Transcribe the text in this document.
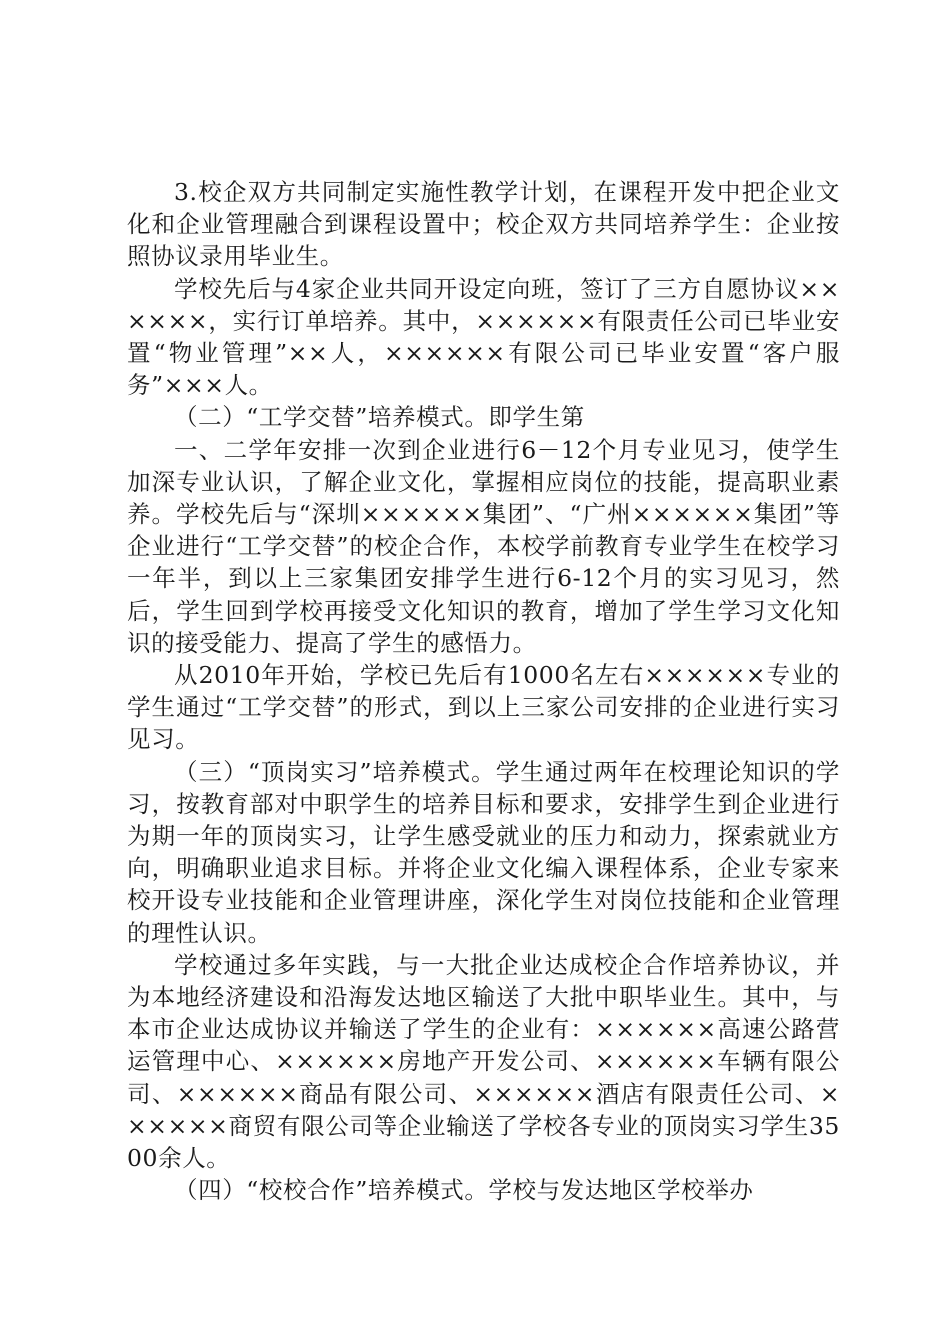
3.校企双方共同制定实施性教学计划，在课程开发中把企业文化和企业管理融合到课程设置中；校企双方共同培养学生：企业按照协议录用毕业生。

学校先后与4家企业共同开设定向班，签订了三方自愿协议××××××，实行订单培养。其中，××××××有限责任公司已毕业安置“物业管理”××人，××××××有限公司已毕业安置“客户服务”×××人。

（二）“工学交替”培养模式。即学生第

一、二学年安排一次到企业进行6－12个月专业见习，使学生加深专业认识，了解企业文化，掌握相应岗位的技能，提高职业素养。学校先后与“深圳××××××集团”、“广州××××××集团”等企业进行“工学交替”的校企合作，本校学前教育专业学生在校学习一年半，到以上三家集团安排学生进行6-12个月的实习见习，然后，学生回到学校再接受文化知识的教育，增加了学生学习文化知识的接受能力、提高了学生的感悟力。

从2010年开始，学校已先后有1000名左右××××××专业的学生通过“工学交替”的形式，到以上三家公司安排的企业进行实习见习。

（三）“顶岗实习”培养模式。学生通过两年在校理论知识的学习，按教育部对中职学生的培养目标和要求，安排学生到企业进行为期一年的顶岗实习，让学生感受就业的压力和动力，探索就业方向，明确职业追求目标。并将企业文化编入课程体系，企业专家来校开设专业技能和企业管理讲座，深化学生对岗位技能和企业管理的理性认识。

学校通过多年实践，与一大批企业达成校企合作培养协议，并为本地经济建设和沿海发达地区输送了大批中职毕业生。其中，与本市企业达成协议并输送了学生的企业有：××××××高速公路营运管理中心、××××××房地产开发公司、××××××车辆有限公司、××××××商品有限公司、××××××酒店有限责任公司、××××××商贸有限公司等企业输送了学校各专业的顶岗实习学生3500余人。

（四）“校校合作”培养模式。学校与发达地区学校举办
